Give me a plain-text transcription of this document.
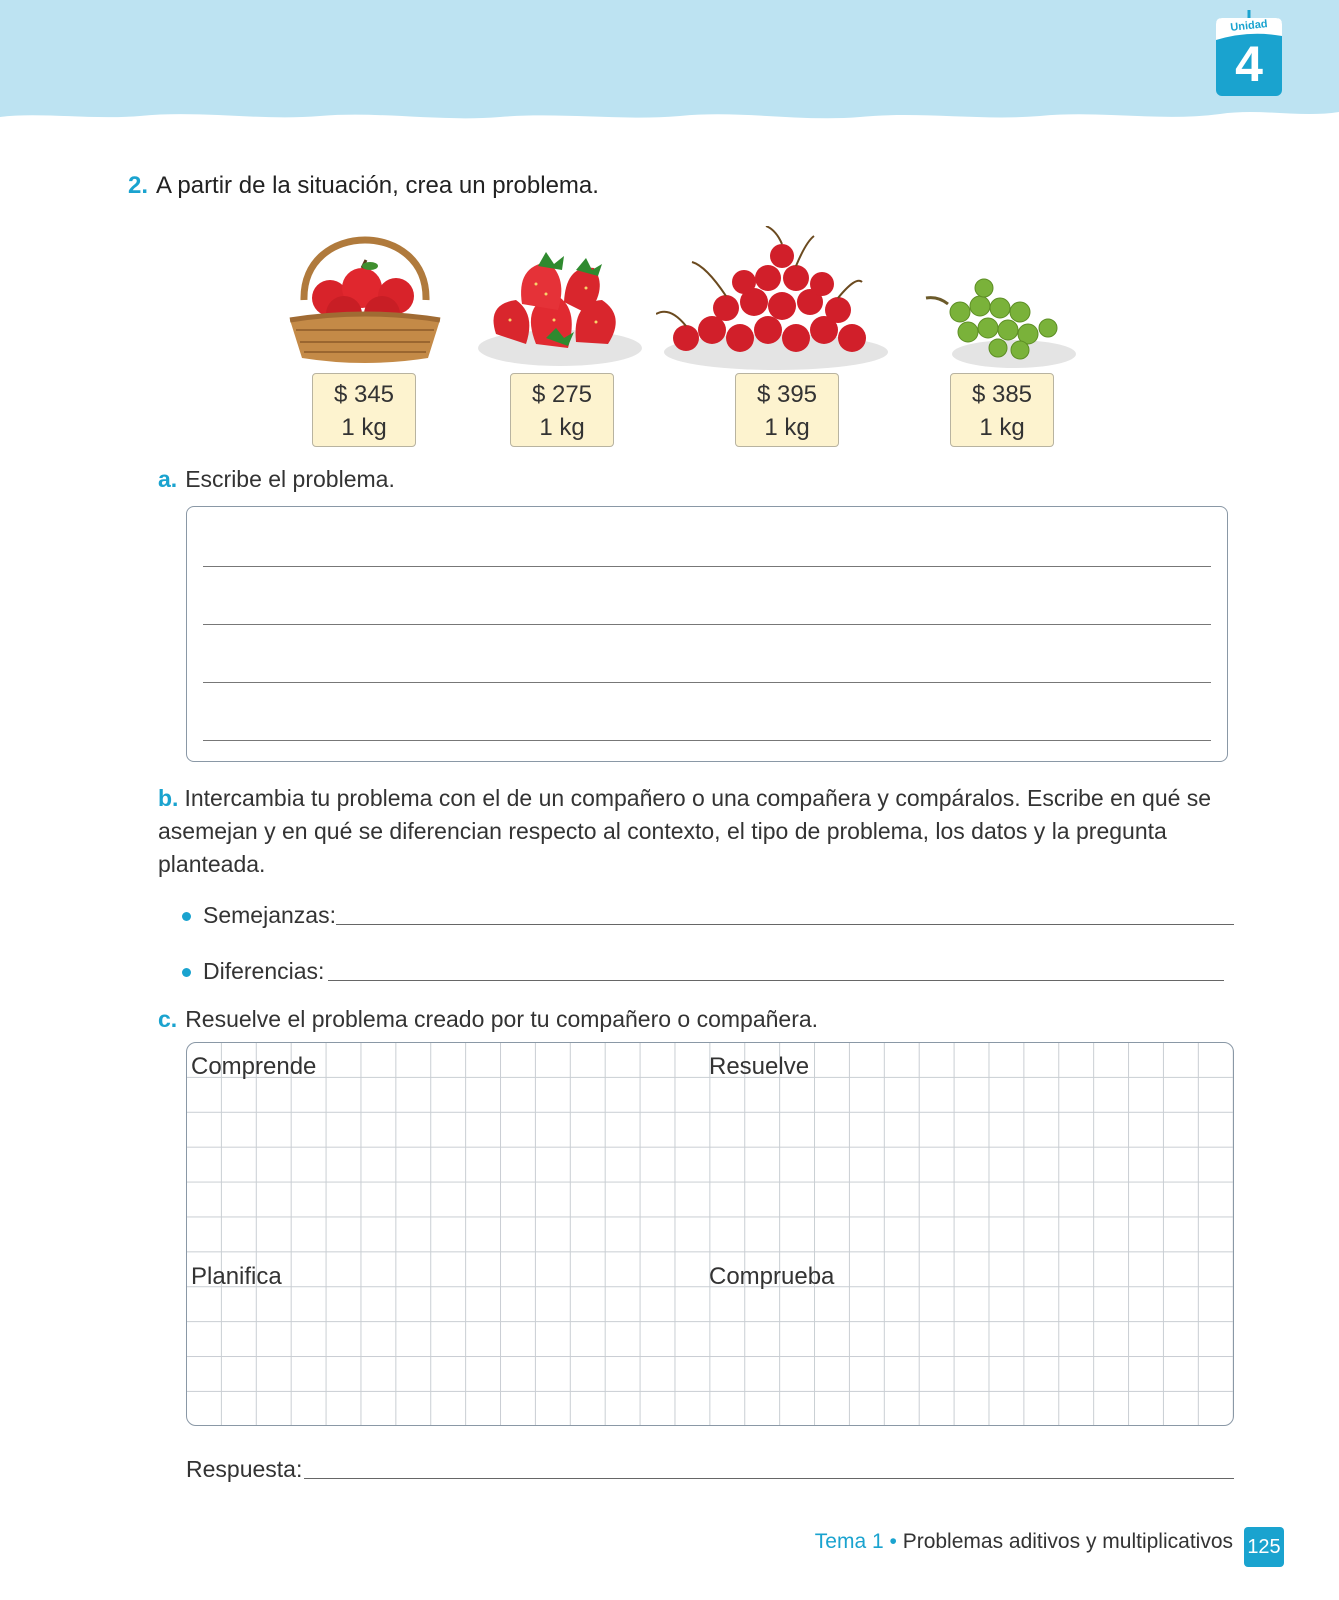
Unidad
4
2. A partir de la situación, crea un problema.
$ 345
1 kg
$ 275
1 kg
$ 395
1 kg
$ 385
1 kg
a. Escribe el problema.
b. Intercambia tu problema con el de un compañero o una compañera y compáralos. Escribe en qué se asemejan y en qué se diferencian respecto al contexto, el tipo de problema, los datos y la pregunta planteada.
Semejanzas:
Diferencias:
c. Resuelve el problema creado por tu compañero o compañera.
Comprende	Resuelve
Planifica	Comprueba
Respuesta:
Tema 1 • Problemas aditivos y multiplicativos 125
